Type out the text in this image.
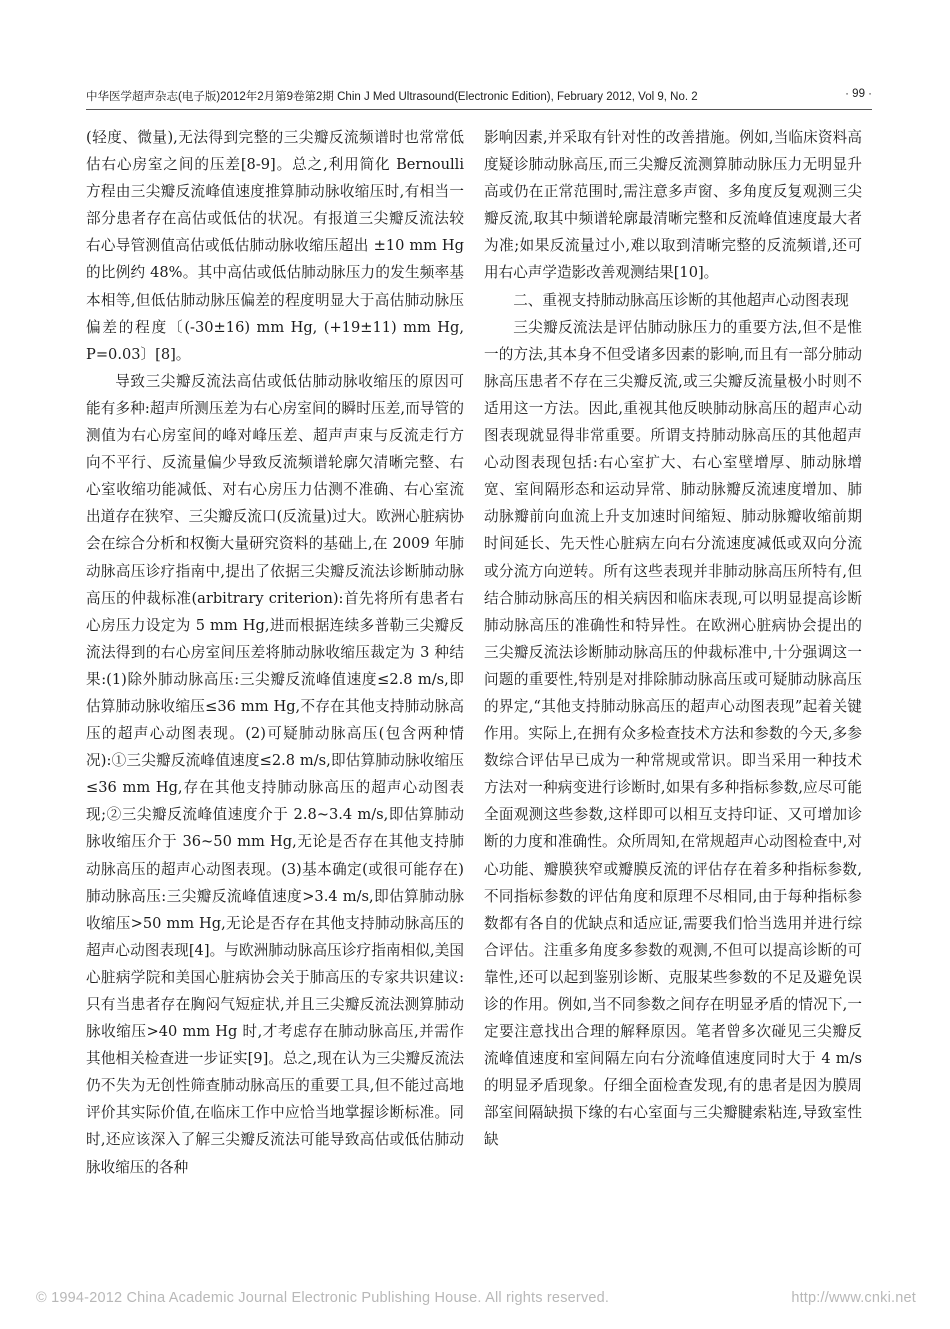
中华医学超声杂志(电子版)2012年2月第9卷第2期 Chin J Med Ultrasound(Electronic Edition), February 2012, Vol 9, No. 2	· 99 ·

(轻度、微量),无法得到完整的三尖瓣反流频谱时也常常低估右心房室之间的压差[8-9]。总之,利用简化 Bernoulli 方程由三尖瓣反流峰值速度推算肺动脉收缩压时,有相当一部分患者存在高估或低估的状况。有报道三尖瓣反流法较右心导管测值高估或低估肺动脉收缩压超出 ±10 mm Hg 的比例约 48%。其中高估或低估肺动脉压力的发生频率基本相等,但低估肺动脉压偏差的程度明显大于高估肺动脉压偏差的程度〔(-30±16) mm Hg, (+19±11) mm Hg, P=0.03〕[8]。

导致三尖瓣反流法高估或低估肺动脉收缩压的原因可能有多种:超声所测压差为右心房室间的瞬时压差,而导管的测值为右心房室间的峰对峰压差、超声声束与反流走行方向不平行、反流量偏少导致反流频谱轮廓欠清晰完整、右心室收缩功能减低、对右心房压力估测不准确、右心室流出道存在狭窄、三尖瓣反流口(反流量)过大。欧洲心脏病协会在综合分析和权衡大量研究资料的基础上,在 2009 年肺动脉高压诊疗指南中,提出了依据三尖瓣反流法诊断肺动脉高压的仲裁标准(arbitrary criterion):首先将所有患者右心房压力设定为 5 mm Hg,进而根据连续多普勒三尖瓣反流法得到的右心房室间压差将肺动脉收缩压裁定为 3 种结果:(1)除外肺动脉高压:三尖瓣反流峰值速度≤2.8 m/s,即估算肺动脉收缩压≤36 mm Hg,不存在其他支持肺动脉高压的超声心动图表现。(2)可疑肺动脉高压(包含两种情况):①三尖瓣反流峰值速度≤2.8 m/s,即估算肺动脉收缩压≤36 mm Hg,存在其他支持肺动脉高压的超声心动图表现;②三尖瓣反流峰值速度介于 2.8~3.4 m/s,即估算肺动脉收缩压介于 36~50 mm Hg,无论是否存在其他支持肺动脉高压的超声心动图表现。(3)基本确定(或很可能存在)肺动脉高压:三尖瓣反流峰值速度>3.4 m/s,即估算肺动脉收缩压>50 mm Hg,无论是否存在其他支持肺动脉高压的超声心动图表现[4]。与欧洲肺动脉高压诊疗指南相似,美国心脏病学院和美国心脏病协会关于肺高压的专家共识建议:只有当患者存在胸闷气短症状,并且三尖瓣反流法测算肺动脉收缩压>40 mm Hg 时,才考虑存在肺动脉高压,并需作其他相关检查进一步证实[9]。总之,现在认为三尖瓣反流法仍不失为无创性筛查肺动脉高压的重要工具,但不能过高地评价其实际价值,在临床工作中应恰当地掌握诊断标准。同时,还应该深入了解三尖瓣反流法可能导致高估或低估肺动脉收缩压的各种

影响因素,并采取有针对性的改善措施。例如,当临床资料高度疑诊肺动脉高压,而三尖瓣反流测算肺动脉压力无明显升高或仍在正常范围时,需注意多声窗、多角度反复观测三尖瓣反流,取其中频谱轮廓最清晰完整和反流峰值速度最大者为准;如果反流量过小,难以取到清晰完整的反流频谱,还可用右心声学造影改善观测结果[10]。

二、重视支持肺动脉高压诊断的其他超声心动图表现

三尖瓣反流法是评估肺动脉压力的重要方法,但不是惟一的方法,其本身不但受诸多因素的影响,而且有一部分肺动脉高压患者不存在三尖瓣反流,或三尖瓣反流量极小时则不适用这一方法。因此,重视其他反映肺动脉高压的超声心动图表现就显得非常重要。所谓支持肺动脉高压的其他超声心动图表现包括:右心室扩大、右心室壁增厚、肺动脉增宽、室间隔形态和运动异常、肺动脉瓣反流速度增加、肺动脉瓣前向血流上升支加速时间缩短、肺动脉瓣收缩前期时间延长、先天性心脏病左向右分流速度减低或双向分流或分流方向逆转。所有这些表现并非肺动脉高压所特有,但结合肺动脉高压的相关病因和临床表现,可以明显提高诊断肺动脉高压的准确性和特异性。在欧洲心脏病协会提出的三尖瓣反流法诊断肺动脉高压的仲裁标准中,十分强调这一问题的重要性,特别是对排除肺动脉高压或可疑肺动脉高压的界定,“其他支持肺动脉高压的超声心动图表现”起着关键作用。实际上,在拥有众多检查技术方法和参数的今天,多参数综合评估早已成为一种常规或常识。即当采用一种技术方法对一种病变进行诊断时,如果有多种指标参数,应尽可能全面观测这些参数,这样即可以相互支持印证、又可增加诊断的力度和准确性。众所周知,在常规超声心动图检查中,对心功能、瓣膜狭窄或瓣膜反流的评估存在着多种指标参数,不同指标参数的评估角度和原理不尽相同,由于每种指标参数都有各自的优缺点和适应证,需要我们恰当选用并进行综合评估。注重多角度多参数的观测,不但可以提高诊断的可靠性,还可以起到鉴别诊断、克服某些参数的不足及避免误诊的作用。例如,当不同参数之间存在明显矛盾的情况下,一定要注意找出合理的解释原因。笔者曾多次碰见三尖瓣反流峰值速度和室间隔左向右分流峰值速度同时大于 4 m/s 的明显矛盾现象。仔细全面检查发现,有的患者是因为膜周部室间隔缺损下缘的右心室面与三尖瓣腱索粘连,导致室性缺

© 1994-2012 China Academic Journal Electronic Publishing House. All rights reserved.	http://www.cnki.net
